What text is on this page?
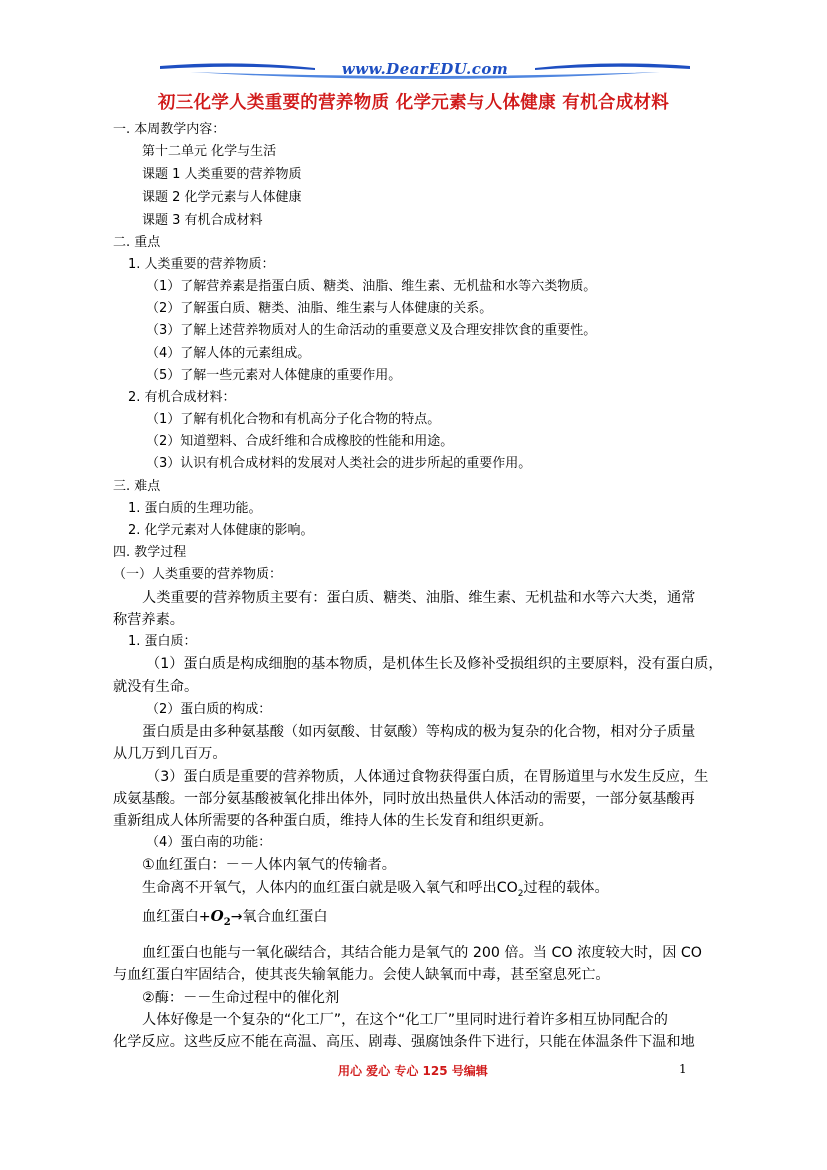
www.DearEDU.com
初三化学人类重要的营养物质 化学元素与人体健康 有机合成材料
一. 本周教学内容：
第十二单元 化学与生活
课题 1 人类重要的营养物质
课题 2 化学元素与人体健康
课题 3 有机合成材料
二. 重点
1. 人类重要的营养物质：
（1）了解营养素是指蛋白质、糖类、油脂、维生素、无机盐和水等六类物质。
（2）了解蛋白质、糖类、油脂、维生素与人体健康的关系。
（3）了解上述营养物质对人的生命活动的重要意义及合理安排饮食的重要性。
（4）了解人体的元素组成。
（5）了解一些元素对人体健康的重要作用。
2. 有机合成材料：
（1）了解有机化合物和有机高分子化合物的特点。
（2）知道塑料、合成纤维和合成橡胶的性能和用途。
（3）认识有机合成材料的发展对人类社会的进步所起的重要作用。
三. 难点
1. 蛋白质的生理功能。
2. 化学元素对人体健康的影响。
四. 教学过程
（一）人类重要的营养物质：
人类重要的营养物质主要有：蛋白质、糖类、油脂、维生素、无机盐和水等六大类，通常
称营养素。
1. 蛋白质：
（1）蛋白质是构成细胞的基本物质，是机体生长及修补受损组织的主要原料，没有蛋白质，
就没有生命。
（2）蛋白质的构成：
蛋白质是由多种氨基酸（如丙氨酸、甘氨酸）等构成的极为复杂的化合物，相对分子质量
从几万到几百万。
（3）蛋白质是重要的营养物质，人体通过食物获得蛋白质，在胃肠道里与水发生反应，生
成氨基酸。一部分氨基酸被氧化排出体外，同时放出热量供人体活动的需要，一部分氨基酸再
重新组成人体所需要的各种蛋白质，维持人体的生长发育和组织更新。
（4）蛋白南的功能：
①血红蛋白：－－人体内氧气的传输者。
生命离不开氧气，人体内的血红蛋白就是吸入氧气和呼出$CO_2$过程的载体。
血红蛋白$+O_2\to$氧合血红蛋白
血红蛋白也能与一氧化碳结合，其结合能力是氧气的 200 倍。当 CO 浓度较大时，因 CO
与血红蛋白牢固结合，使其丧失输氧能力。会使人缺氧而中毒，甚至窒息死亡。
②酶：－－生命过程中的催化剂
人体好像是一个复杂的“化工厂”，在这个“化工厂”里同时进行着许多相互协同配合的
化学反应。这些反应不能在高温、高压、剧毒、强腐蚀条件下进行，只能在体温条件下温和地
用心 爱心 专心 125 号编辑	1
